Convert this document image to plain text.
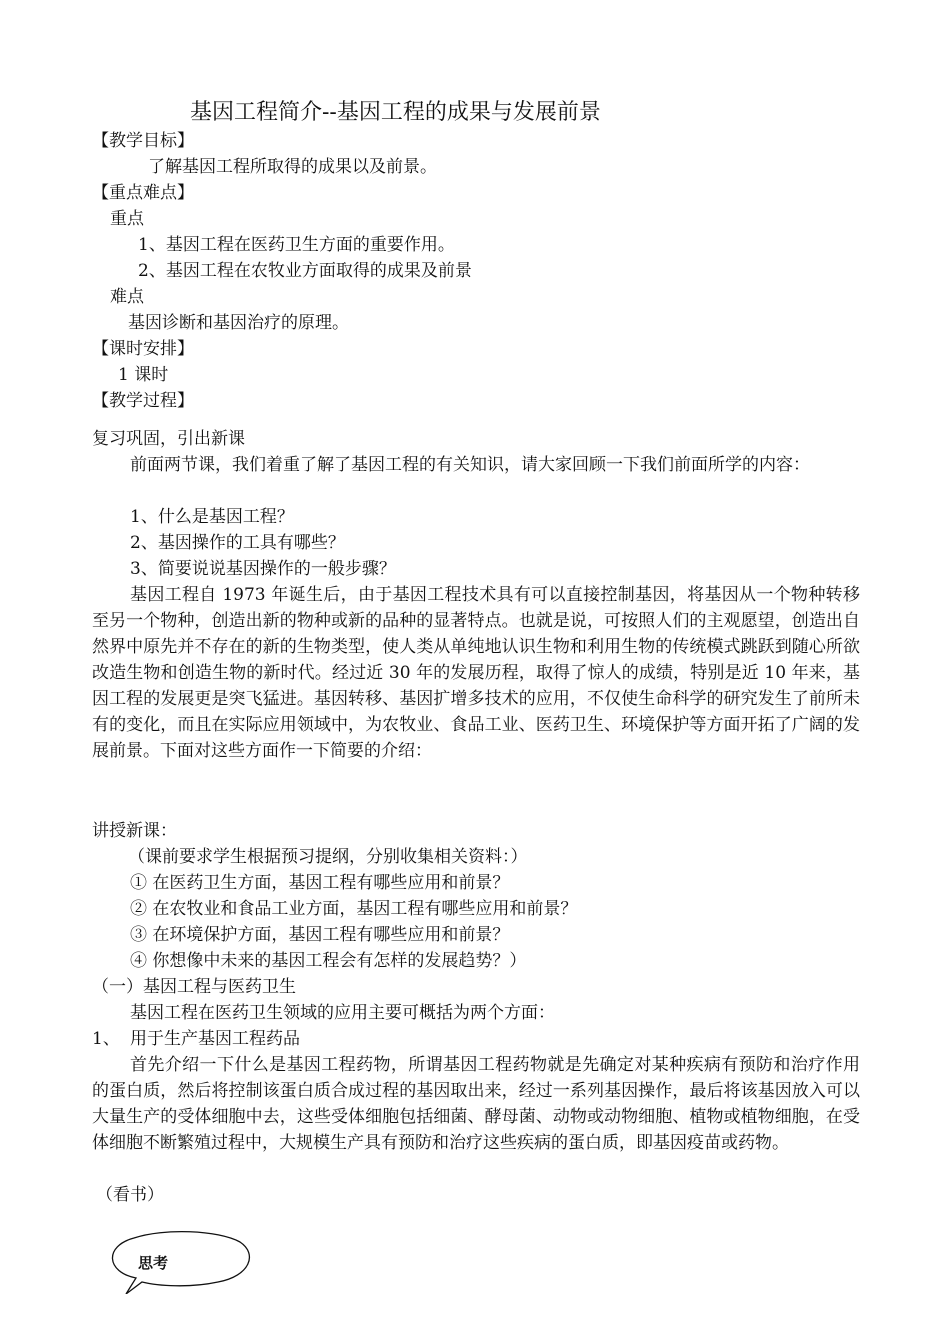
基因工程简介--基因工程的成果与发展前景
【教学目标】
了解基因工程所取得的成果以及前景。
【重点难点】
重点
1、基因工程在医药卫生方面的重要作用。
2、基因工程在农牧业方面取得的成果及前景
难点
基因诊断和基因治疗的原理。
【课时安排】
1 课时
【教学过程】
复习巩固，引出新课
前面两节课，我们着重了解了基因工程的有关知识，请大家回顾一下我们前面所学的内容：
1、什么是基因工程？
2、基因操作的工具有哪些？
3、简要说说基因操作的一般步骤？
基因工程自 1973 年诞生后，由于基因工程技术具有可以直接控制基因，将基因从一个物种转移至另一个物种，创造出新的物种或新的品种的显著特点。也就是说，可按照人们的主观愿望，创造出自然界中原先并不存在的新的生物类型，使人类从单纯地认识生物和利用生物的传统模式跳跃到随心所欲改造生物和创造生物的新时代。经过近 30 年的发展历程，取得了惊人的成绩，特别是近 10 年来，基因工程的发展更是突飞猛进。基因转移、基因扩增多技术的应用，不仅使生命科学的研究发生了前所未有的变化，而且在实际应用领域中，为农牧业、食品工业、医药卫生、环境保护等方面开拓了广阔的发展前景。下面对这些方面作一下简要的介绍：
讲授新课：
（课前要求学生根据预习提纲，分别收集相关资料：）
① 在医药卫生方面，基因工程有哪些应用和前景？
② 在农牧业和食品工业方面，基因工程有哪些应用和前景？
③ 在环境保护方面，基因工程有哪些应用和前景？
④ 你想像中未来的基因工程会有怎样的发展趋势？）
（一）基因工程与医药卫生
基因工程在医药卫生领域的应用主要可概括为两个方面：
1、 用于生产基因工程药品
首先介绍一下什么是基因工程药物，所谓基因工程药物就是先确定对某种疾病有预防和治疗作用的蛋白质，然后将控制该蛋白质合成过程的基因取出来，经过一系列基因操作，最后将该基因放入可以大量生产的受体细胞中去，这些受体细胞包括细菌、酵母菌、动物或动物细胞、植物或植物细胞，在受体细胞不断繁殖过程中，大规模生产具有预防和治疗这些疾病的蛋白质，即基因疫苗或药物。
（看书）
思考
